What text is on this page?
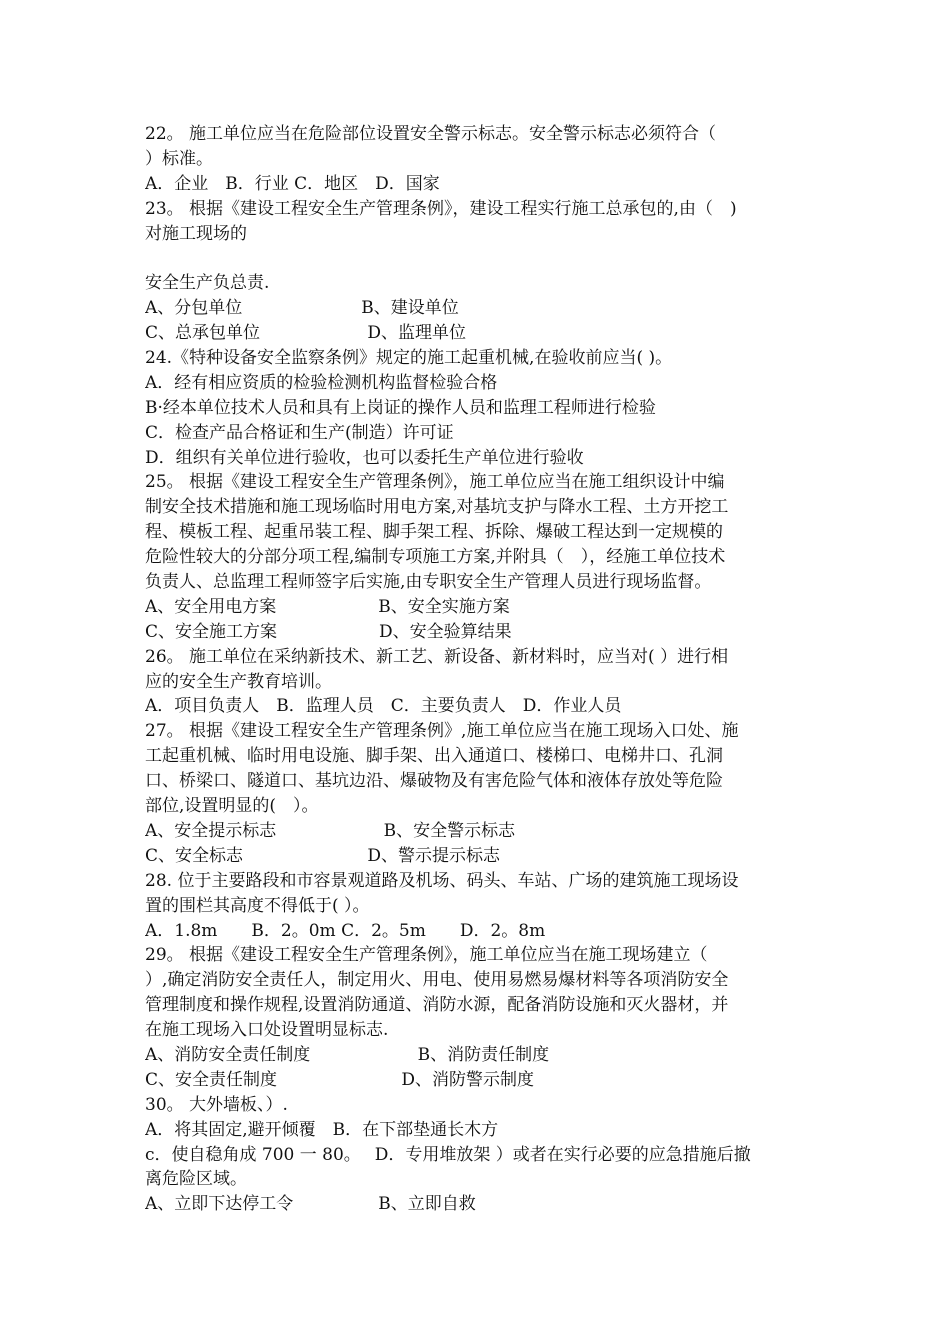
22。 施工单位应当在危险部位设置安全警示标志。安全警示标志必须符合（
）标准。
A．企业　B．行业 C．地区　D．国家
23。 根据《建设工程安全生产管理条例》，建设工程实行施工总承包的,由（　)
对施工现场的
安全生产负总责.
A、分包单位　　　　　　　B、建设单位
C、总承包单位　　　　　　 D、监理单位
24.《特种设备安全监察条例》规定的施工起重机械,在验收前应当( )。
A．经有相应资质的检验检测机构监督检验合格
B·经本单位技术人员和具有上岗证的操作人员和监理工程师进行检验
C．检查产品合格证和生产(制造）许可证
D．组织有关单位进行验收，也可以委托生产单位进行验收
25。 根据《建设工程安全生产管理条例》，施工单位应当在施工组织设计中编
制安全技术措施和施工现场临时用电方案,对基坑支护与降水工程、土方开挖工
程、模板工程、起重吊装工程、脚手架工程、拆除、爆破工程达到一定规模的
危险性较大的分部分项工程,编制专项施工方案,并附具（　），经施工单位技术
负责人、总监理工程师签字后实施,由专职安全生产管理人员进行现场监督。
A、安全用电方案　　　　　　B、安全实施方案
C、安全施工方案　　　　　　D、安全验算结果
26。 施工单位在采纳新技术、新工艺、新设备、新材料时，应当对( ）进行相
应的安全生产教育培训。
A．项目负责人　B．监理人员　C．主要负责人　D．作业人员
27。 根据《建设工程安全生产管理条例》,施工单位应当在施工现场入口处、施
工起重机械、临时用电设施、脚手架、出入通道口、楼梯口、电梯井口、孔洞
口、桥梁口、隧道口、基坑边沿、爆破物及有害危险气体和液体存放处等危险
部位,设置明显的(　）。
A、安全提示标志　　　　　　 B、安全警示标志
C、安全标志　　　　　　　 D、警示提示标志
28. 位于主要路段和市容景观道路及机场、码头、车站、广场的建筑施工现场设
置的围栏其高度不得低于( ）。
A．1.8m　　B．2。0m C．2。5m　　D．2。8m
29。 根据《建设工程安全生产管理条例》，施工单位应当在施工现场建立（
）,确定消防安全责任人，制定用火、用电、使用易燃易爆材料等各项消防安全
管理制度和操作规程,设置消防通道、消防水源，配备消防设施和灭火器材，并
在施工现场入口处设置明显标志.
A、消防安全责任制度　　　　　　 B、消防责任制度
C、安全责任制度　　　　　　　 D、消防警示制度
30。 大外墙板、）.
A．将其固定,避开倾覆　B．在下部垫通长木方
c．使自稳角成 700 一 80。　 D．专用堆放架 ）或者在实行必要的应急措施后撤
离危险区域。
A、立即下达停工令　　　　　B、立即自救
